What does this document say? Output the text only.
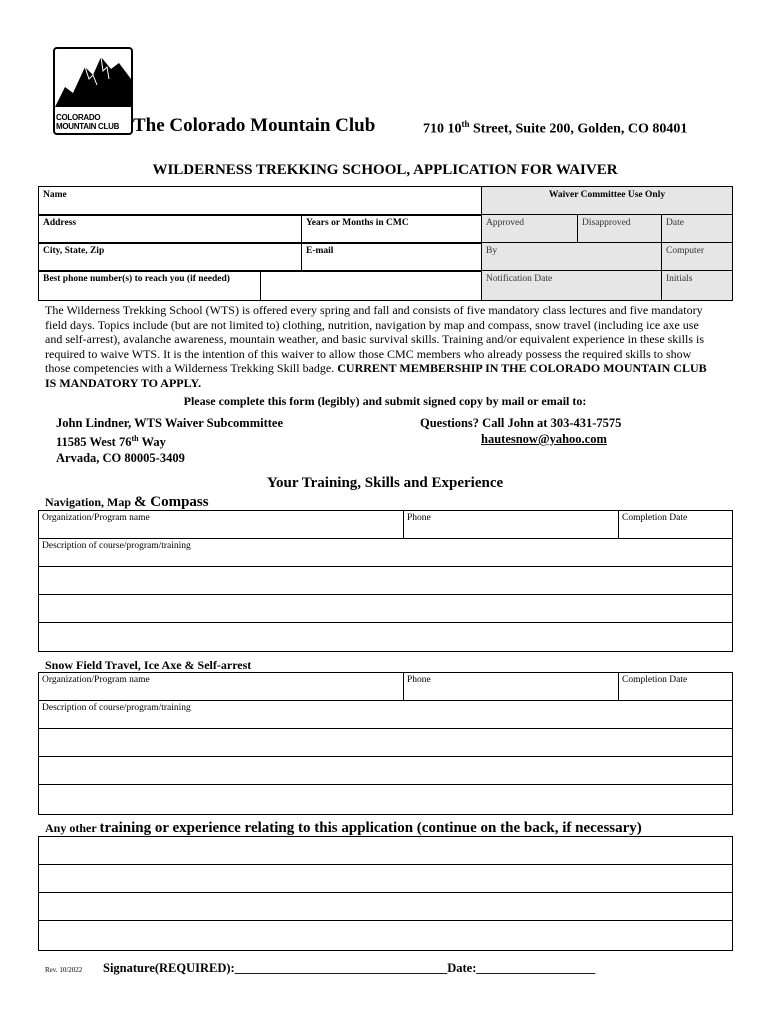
COLORADO
MOUNTAIN CLUB The Colorado Mountain Club	710 10th Street, Suite 200, Golden, CO 80401
WILDERNESS TREKKING SCHOOL, APPLICATION FOR WAIVER
Name
Address	Years or Months in CMC
City, State, Zip	E-mail
Best phone number(s) to reach you (if needed)
Waiver Committee Use Only
Approved	Disapproved	Date
By	Computer
Notification Date	Initials
The Wilderness Trekking School (WTS) is offered every spring and fall and consists of five mandatory class lectures and five mandatory field days. Topics include (but are not limited to) clothing, nutrition, navigation by map and compass, snow travel (including ice axe use and self-arrest), avalanche awareness, mountain weather, and basic survival skills. Training and/or equivalent experience in these skills is required to waive WTS. It is the intention of this waiver to allow those CMC members who already possess the required skills to show those competencies with a Wilderness Trekking Skill badge. CURRENT MEMBERSHIP IN THE COLORADO MOUNTAIN CLUB IS MANDATORY TO APPLY.
Please complete this form (legibly) and submit signed copy by mail or email to:
John Lindner, WTS Waiver Subcommittee
11585 West 76th Way
Arvada, CO 80005-3409
Questions? Call John at 303-431-7575
hautesnow@yahoo.com
Your Training, Skills and Experience
Navigation, Map & Compass
Organization/Program name	Phone	Completion Date
Description of course/program/training
Snow Field Travel, Ice Axe & Self-arrest
Organization/Program name	Phone	Completion Date
Description of course/program/training
Any other training or experience relating to this application (continue on the back, if necessary)
Rev. 10/2022 Signature(REQUIRED):__________________________________Date:___________________
